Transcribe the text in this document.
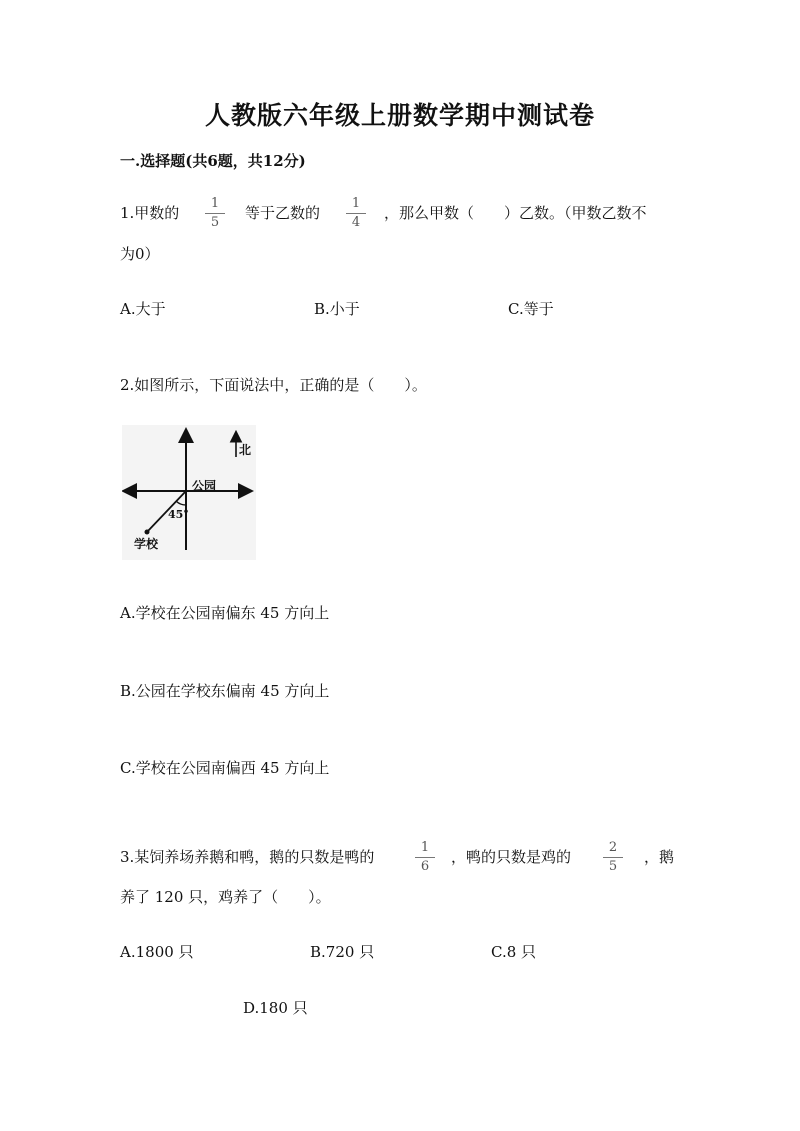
人教版六年级上册数学期中测试卷
一.选择题(共6题，共12分)
1.甲数的 $\frac{1}{5}$ 等于乙数的 $\frac{1}{4}$ ，那么甲数（　　）乙数。（甲数乙数不
为0）
A.大于	B.小于	C.等于
2.如图所示，下面说法中，正确的是（　　）。
北
公园
45°
学校
A.学校在公园南偏东 45 方向上
B.公园在学校东偏南 45 方向上
C.学校在公园南偏西 45 方向上
3.某饲养场养鹅和鸭，鹅的只数是鸭的	$\frac{1}{6}$ ，鸭的只数是鸡的 $\frac{2}{5}$ ，鹅
养了 120 只，鸡养了（　　）。
A.1800 只	B.720 只	C.8 只
D.180 只
